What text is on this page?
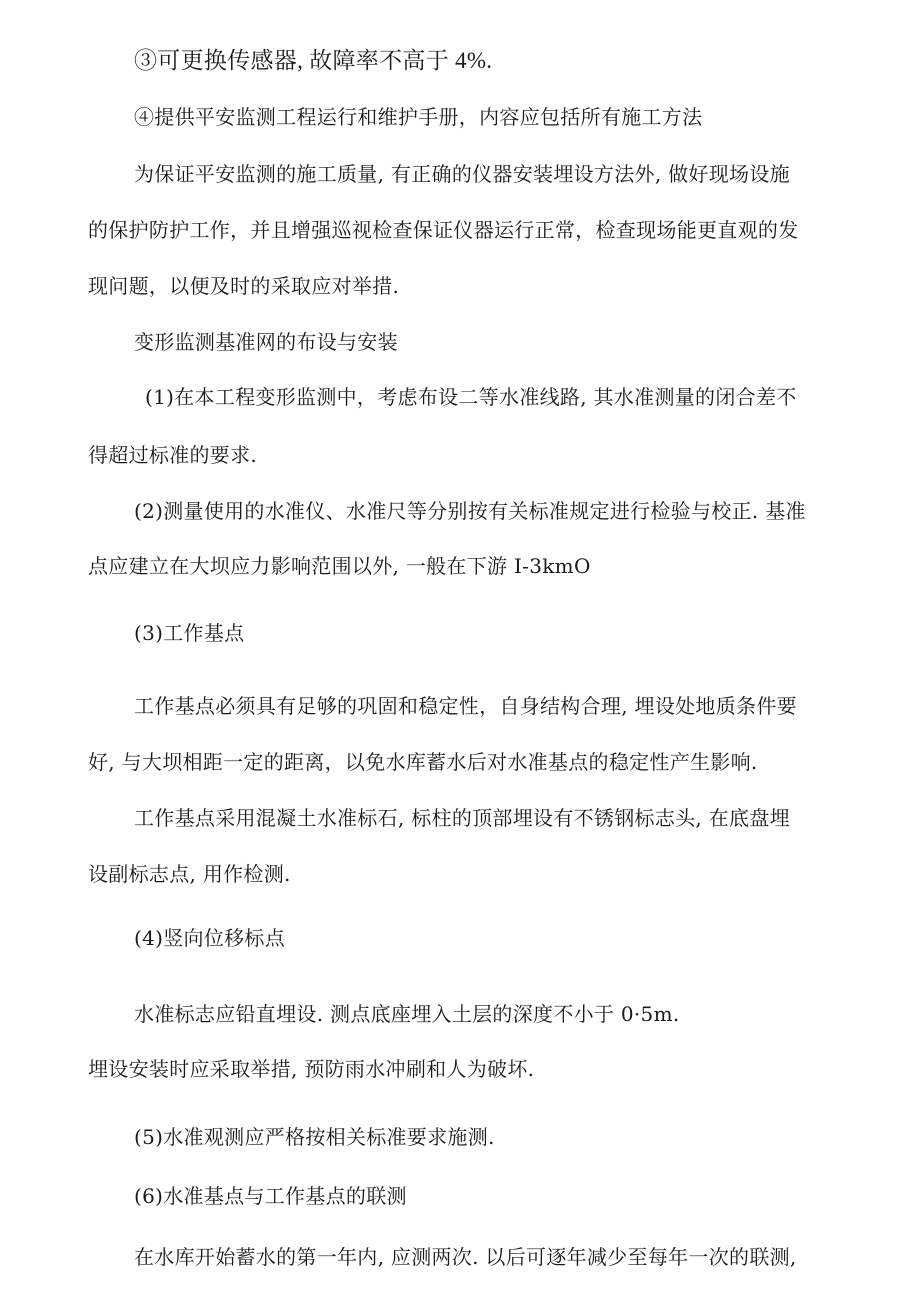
③可更换传感器, 故障率不高于 4%.
④提供平安监测工程运行和维护手册，内容应包括所有施工方法
为保证平安监测的施工质量, 有正确的仪器安装埋设方法外, 做好现场设施
的保护防护工作，并且增强巡视检查保证仪器运行正常，检查现场能更直观的发
现问题，以便及时的采取应对举措.
变形监测基准网的布设与安装
(1)在本工程变形监测中，考虑布设二等水准线路, 其水准测量的闭合差不
得超过标准的要求.
(2)测量使用的水准仪、水准尺等分别按有关标准规定进行检验与校正. 基准
点应建立在大坝应力影响范围以外, 一般在下游 I-3kmO
(3)工作基点
工作基点必须具有足够的巩固和稳定性，自身结构合理, 埋设处地质条件要
好, 与大坝相距一定的距离，以免水库蓄水后对水准基点的稳定性产生影响.
工作基点采用混凝土水准标石, 标柱的顶部埋设有不锈钢标志头, 在底盘埋
设副标志点, 用作检测.
(4)竖向位移标点
水准标志应铅直埋设. 测点底座埋入土层的深度不小于 0·5m.
埋设安装时应采取举措, 预防雨水冲刷和人为破坏.
(5)水准观测应严格按相关标准要求施测.
(6)水准基点与工作基点的联测
在水库开始蓄水的第一年内, 应测两次. 以后可逐年减少至每年一次的联测,
